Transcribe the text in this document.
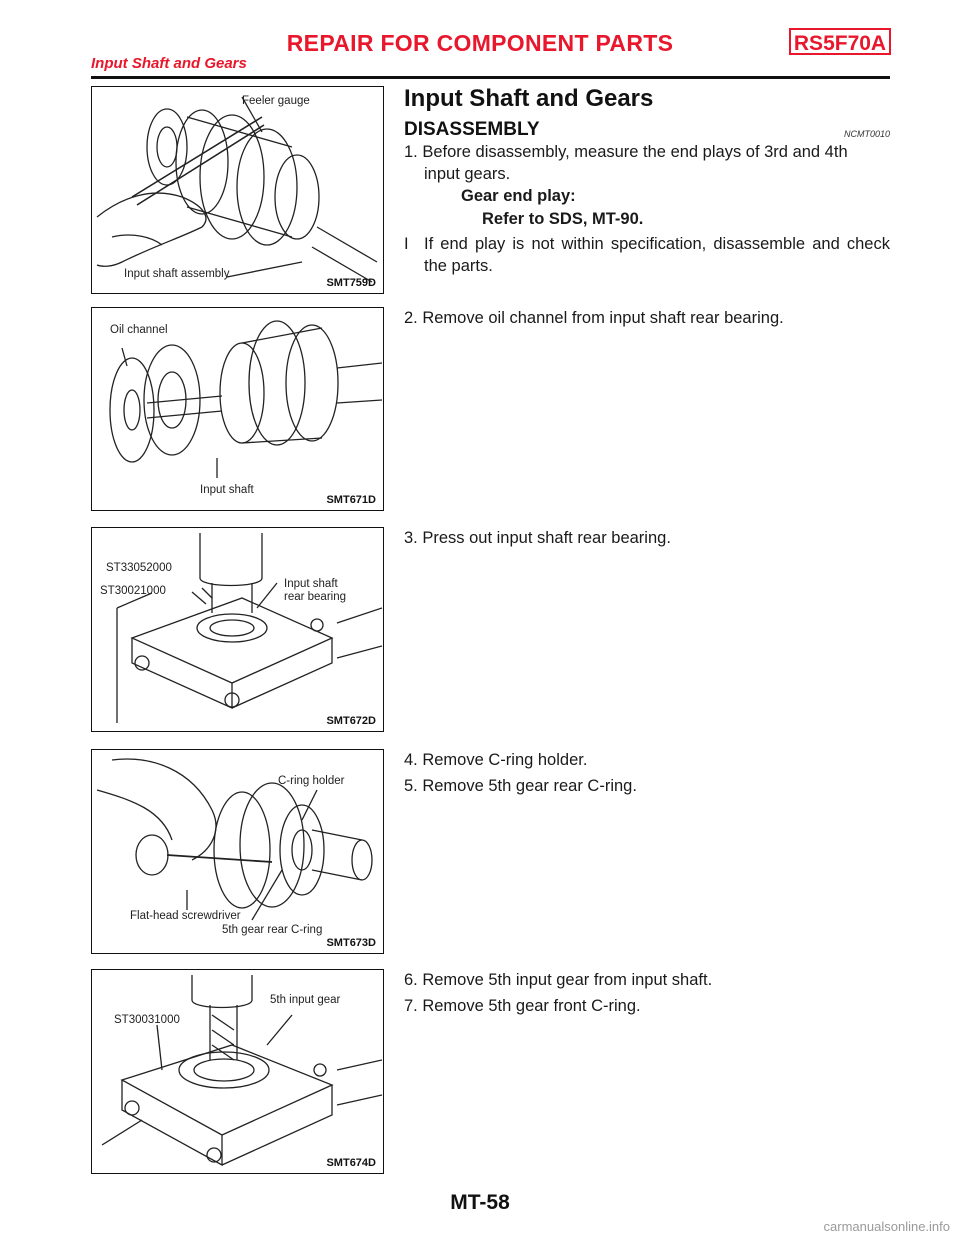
REPAIR FOR COMPONENT PARTS	RS5F70A
Input Shaft and Gears
Input Shaft and Gears
DISASSEMBLY	NCMT0010
1. Before disassembly, measure the end plays of 3rd and 4th
input gears.
Gear end play:
Refer to SDS, MT-90.
I If end play is not within specification, disassemble and check the parts.
2. Remove oil channel from input shaft rear bearing.
3. Press out input shaft rear bearing.
4. Remove C-ring holder.
5. Remove 5th gear rear C-ring.
6. Remove 5th input gear from input shaft.
7. Remove 5th gear front C-ring.
Feeler gauge
Input shaft assembly
SMT759D
Oil channel
Input shaft
SMT671D
ST33052000
ST30021000
Input shaft
rear bearing
SMT672D
C-ring holder
Flat-head screwdriver
5th gear rear C-ring
SMT673D
5th input gear
ST30031000
SMT674D
MT-58
carmanualsonline.info
